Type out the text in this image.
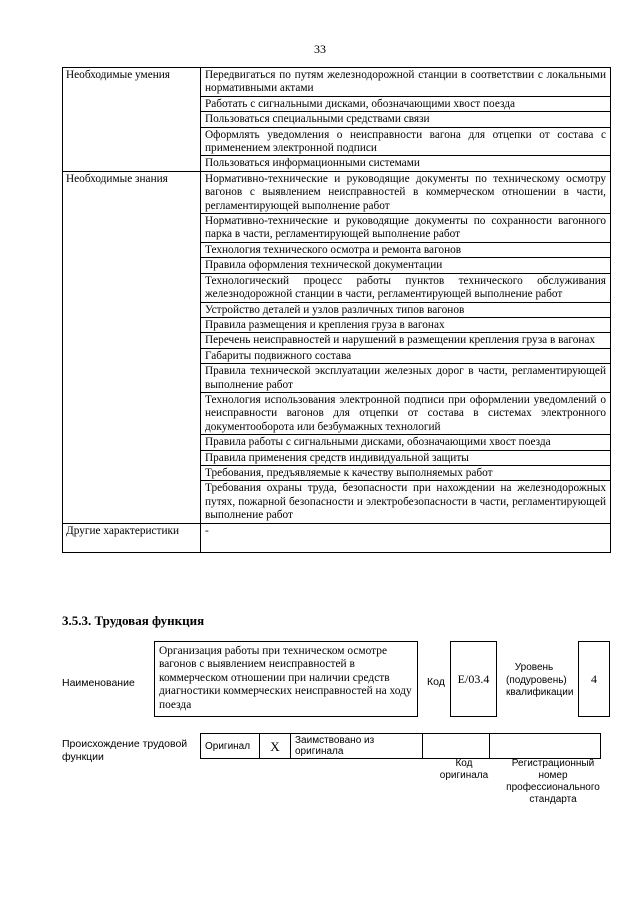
33
Необходимые умения	Передвигаться по путям железнодорожной станции в соответствии с локальными нормативными актами
	Работать с сигнальными дисками, обозначающими хвост поезда
	Пользоваться специальными средствами связи
	Оформлять уведомления о неисправности вагона для отцепки от состава с применением электронной подписи
	Пользоваться информационными системами
Необходимые знания	Нормативно-технические и руководящие документы по техническому осмотру вагонов с выявлением неисправностей в коммерческом отношении в части, регламентирующей выполнение работ
	Нормативно-технические и руководящие документы по сохранности вагонного парка в части, регламентирующей выполнение работ
	Технология технического осмотра и ремонта вагонов
	Правила оформления технической документации
	Технологический процесс работы пунктов технического обслуживания железнодорожной станции в части, регламентирующей выполнение работ
	Устройство деталей и узлов различных типов вагонов
	Правила размещения и крепления груза в вагонах
	Перечень неисправностей и нарушений в размещении крепления груза в вагонах
	Габариты подвижного состава
	Правила технической эксплуатации железных дорог в части, регламентирующей выполнение работ
	Технология использования электронной подписи при оформлении уведомлений о неисправности вагонов для отцепки от состава в системах электронного документооборота или безбумажных технологий
	Правила работы с сигнальными дисками, обозначающими хвост поезда
	Правила применения средств индивидуальной защиты
	Требования, предъявляемые к качеству выполняемых работ
	Требования охраны труда, безопасности при нахождении на железнодорожных путях, пожарной безопасности и электробезопасности в части, регламентирующей выполнение работ
Другие характеристики	-
3.5.3. Трудовая функция
Наименование
Организация работы при техническом осмотре вагонов с выявлением неисправностей в коммерческом отношении при наличии средств диагностики коммерческих неисправностей на ходу поезда
Код	E/03.4
Уровень (подуровень) квалификации
4
Происхождение трудовой функции
Оригинал	X	Заимствовано из оригинала		
Код оригинала
Регистрационный номер профессионального стандарта
